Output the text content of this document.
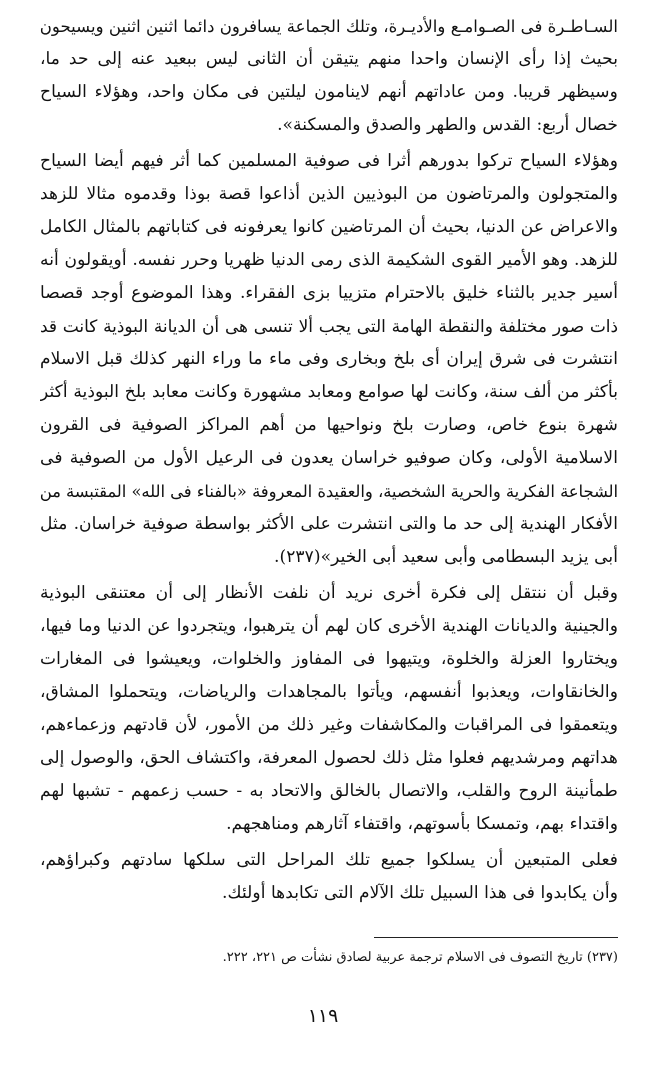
السـاطـرة فى الصـوامـع والأديـرة، وتلك الجماعة يسافرون دائما اثنين اثنين ويسيحون
بحيث إذا رأى الإنسان واحدا منهم يتيقن أن الثانى ليس ببعيد عنه إلى حد ما،
وسيظهر قريبا. ومن عاداتهم أنهم لاينامون ليلتين فى مكان واحد، وهؤلاء السياح
خصال أربع: القدس والطهر والصدق والمسكنة».
وهؤلاء السياح تركوا بدورهم أثرا فى صوفية المسلمين كما أثر فيهم أيضا السياح
والمتجولون والمرتاضون من البوذيين الذين أذاعوا قصة بوذا وقدموه مثالا للزهد
والاعراض عن الدنيا، بحيث أن المرتاضين كانوا يعرفونه فى كتاباتهم بالمثال الكامل
للزهد. وهو الأمير القوى الشكيمة الذى رمى الدنيا ظهريا وحرر نفسه. أويقولون أنه
أسير جدير بالثناء خليق بالاحترام متزييا بزى الفقراء. وهذا الموضوع أوجد قصصا
ذات صور مختلفة والنقطة الهامة التى يجب ألا تنسى هى أن الديانة البوذية كانت قد
انتشرت فى شرق إيران أى بلخ وبخارى وفى ماء ما وراء النهر كذلك قبل الاسلام
بأكثر من ألف سنة، وكانت لها صوامع ومعابد مشهورة وكانت معابد بلخ البوذية أكثر
شهرة بنوع خاص، وصارت بلخ ونواحيها من أهم المراكز الصوفية فى القرون
الاسلامية الأولى، وكان صوفيو خراسان يعدون فى الرعيل الأول من الصوفية فى
الشجاعة الفكرية والحرية الشخصية، والعقيدة المعروفة «بالفناء فى الله» المقتبسة من
الأفكار الهندية إلى حد ما والتى انتشرت على الأكثر بواسطة صوفية خراسان. مثل
أبى يزيد البسطامى وأبى سعيد أبى الخير»(٢٣٧).
وقبل أن ننتقل إلى فكرة أخرى نريد أن نلفت الأنظار إلى أن معتنقى البوذية
والجينية والديانات الهندية الأخرى كان لهم أن يترهبوا، ويتجردوا عن الدنيا وما فيها،
ويختاروا العزلة والخلوة، ويتيهوا فى المفاوز والخلوات، ويعيشوا فى المغارات
والخانقاوات، ويعذبوا أنفسهم، ويأتوا بالمجاهدات والرياضات، ويتحملوا المشاق،
ويتعمقوا فى المراقبات والمكاشفات وغير ذلك من الأمور، لأن قادتهم وزعماءهم،
هداتهم ومرشديهم فعلوا مثل ذلك لحصول المعرفة، واكتشاف الحق، والوصول إلى
طمأنينة الروح والقلب، والاتصال بالخالق والاتحاد به - حسب زعمهم - تشبها لهم
واقتداء بهم، وتمسكا بأسوتهم، واقتفاء آثارهم ومناهجهم.
فعلى المتبعين أن يسلكوا جميع تلك المراحل التى سلكها سادتهم وكبراؤهم،
وأن يكابدوا فى هذا السبيل تلك الآلام التى تكابدها أولئك.
(٢٣٧) تاريخ التصوف فى الاسلام ترجمة عربية لصادق نشأت ص ٢٢١، ٢٢٢.
١١٩
